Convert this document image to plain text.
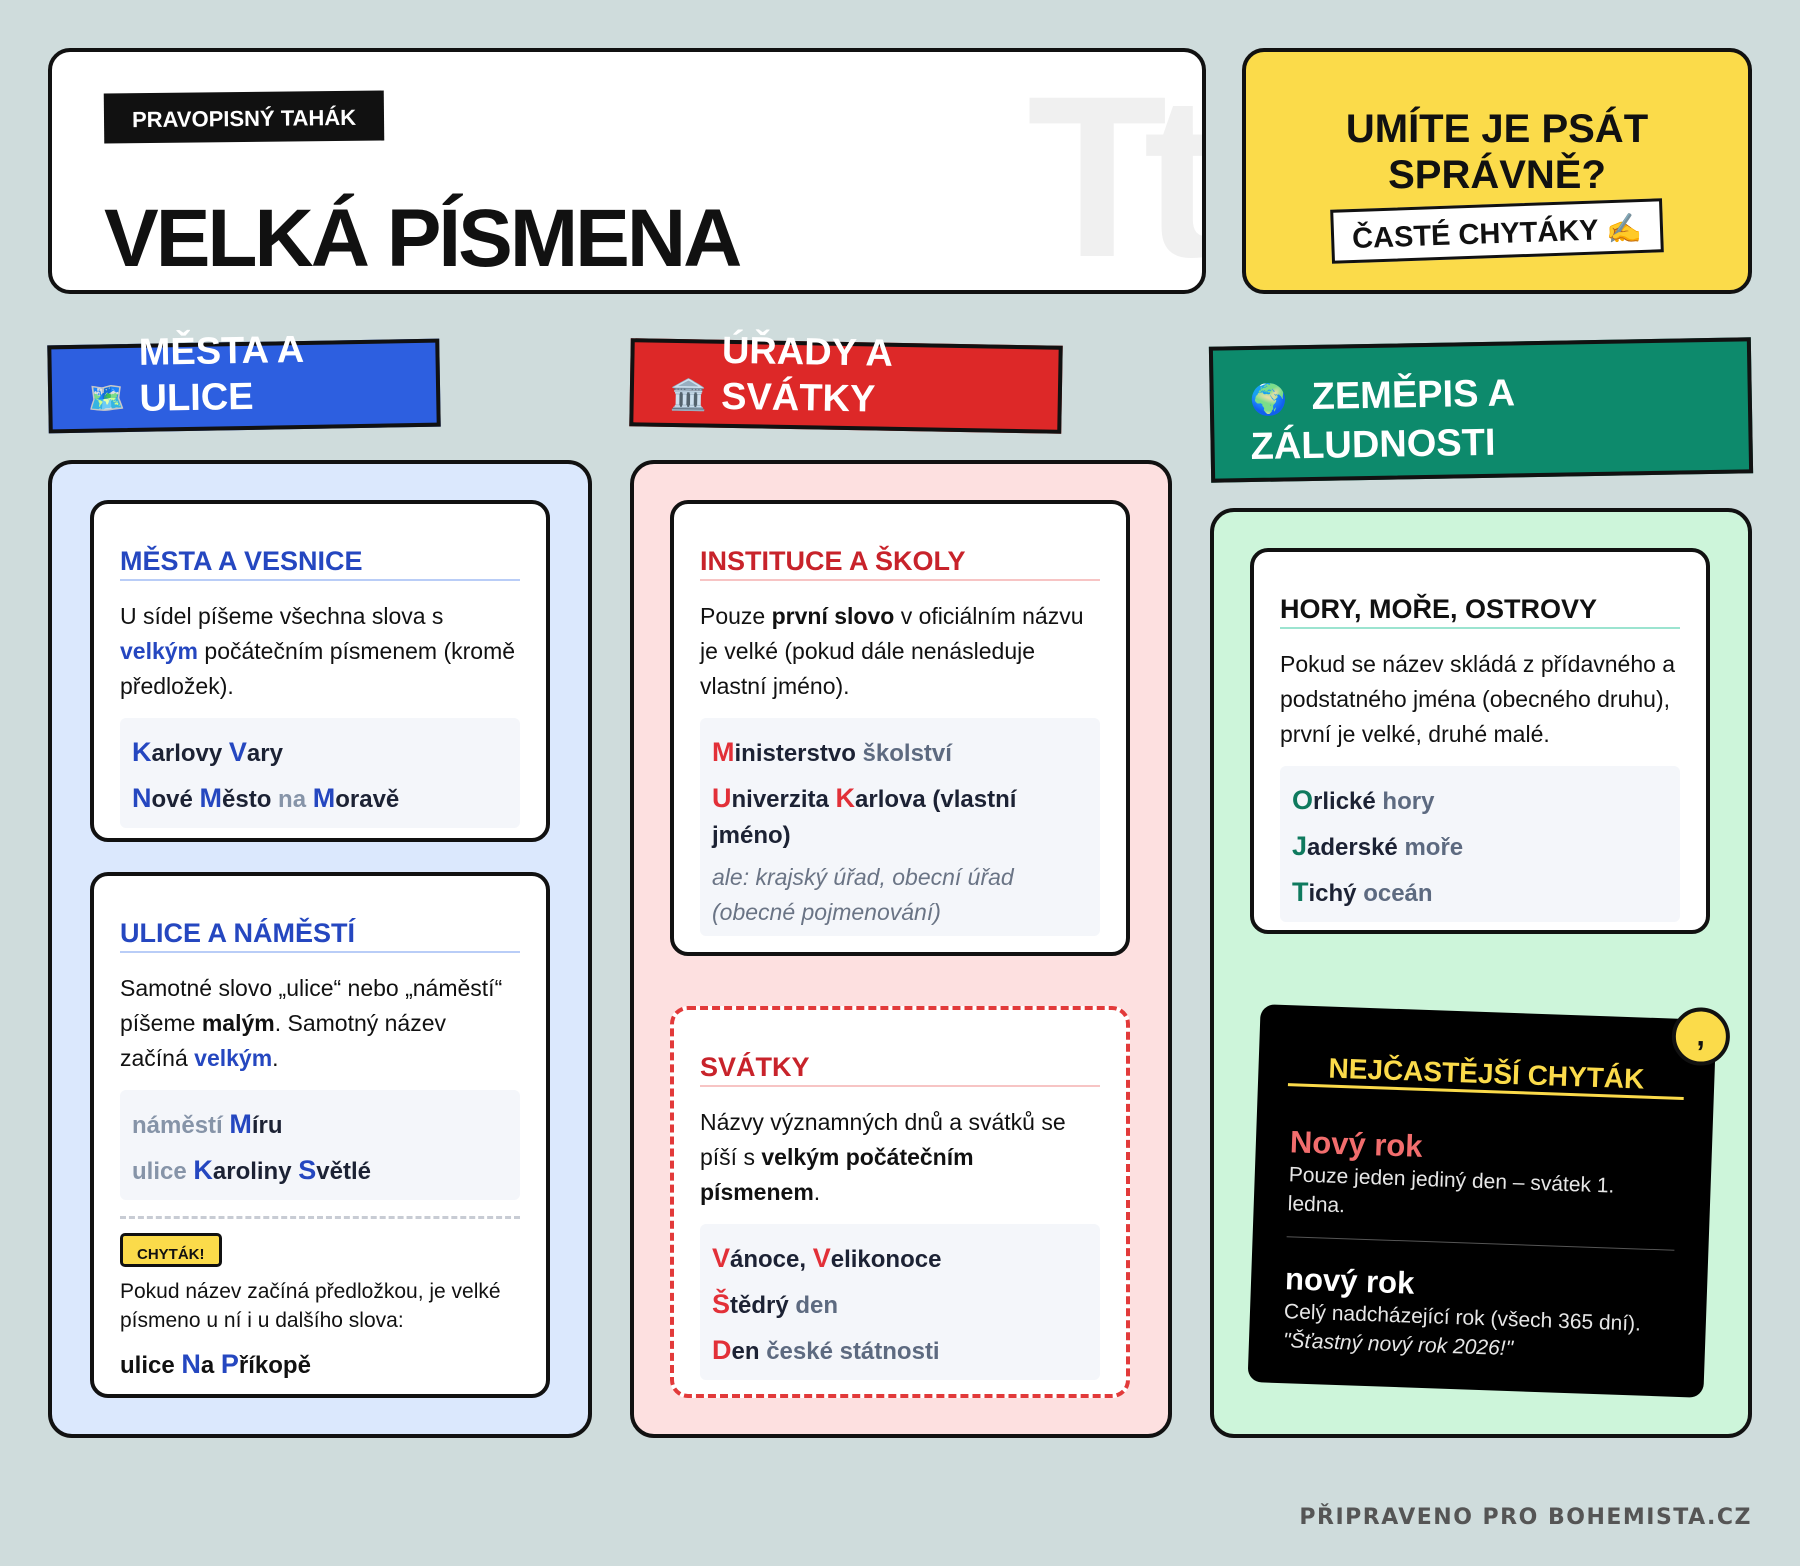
Tt
PRAVOPISNÝ TAHÁK
VELKÁ PÍSMENA
UMÍTE JE PSÁT SPRÁVNĚ?
ČASTÉ CHYTÁKY ✍️
🗺️
MĚSTA A ULICE	🏛️
ÚŘADY A SVÁTKY	🌍 ZEMĚPIS A ZÁLUDNOSTI
MĚSTA A VESNICE
U sídel píšeme všechna slova s velkým počátečním písmenem (kromě předložek).
Karlovy Vary
Nové Město na Moravě
ULICE A NÁMĚSTÍ
Samotné slovo „ulice“ nebo „náměstí“ píšeme malým. Samotný název začíná velkým.
náměstí Míru
ulice Karoliny Světlé
CHYTÁK!
Pokud název začíná předložkou, je velké písmeno u ní i u dalšího slova:
ulice Na Příkopě
INSTITUCE A ŠKOLY
Pouze první slovo v oficiálním názvu je velké (pokud dále nenásleduje vlastní jméno).
Ministerstvo školství
Univerzita Karlova (vlastní jméno)
ale: krajský úřad, obecní úřad (obecné pojmenování)
SVÁTKY
Názvy významných dnů a svátků se píší s velkým počátečním písmenem.
Vánoce, Velikonoce
Štědrý den
Den české státnosti
HORY, MOŘE, OSTROVY
Pokud se název skládá z přídavného a podstatného jména (obecného druhu), první je velké, druhé malé.
Orlické hory
Jaderské moře
Tichý oceán
,
NEJČASTĚJŠÍ CHYTÁK
Nový rok
Pouze jeden jediný den – svátek 1. ledna.
nový rok
Celý nadcházející rok (všech 365 dní).
"Šťastný nový rok 2026!"
PŘIPRAVENO PRO BOHEMISTA.CZ
